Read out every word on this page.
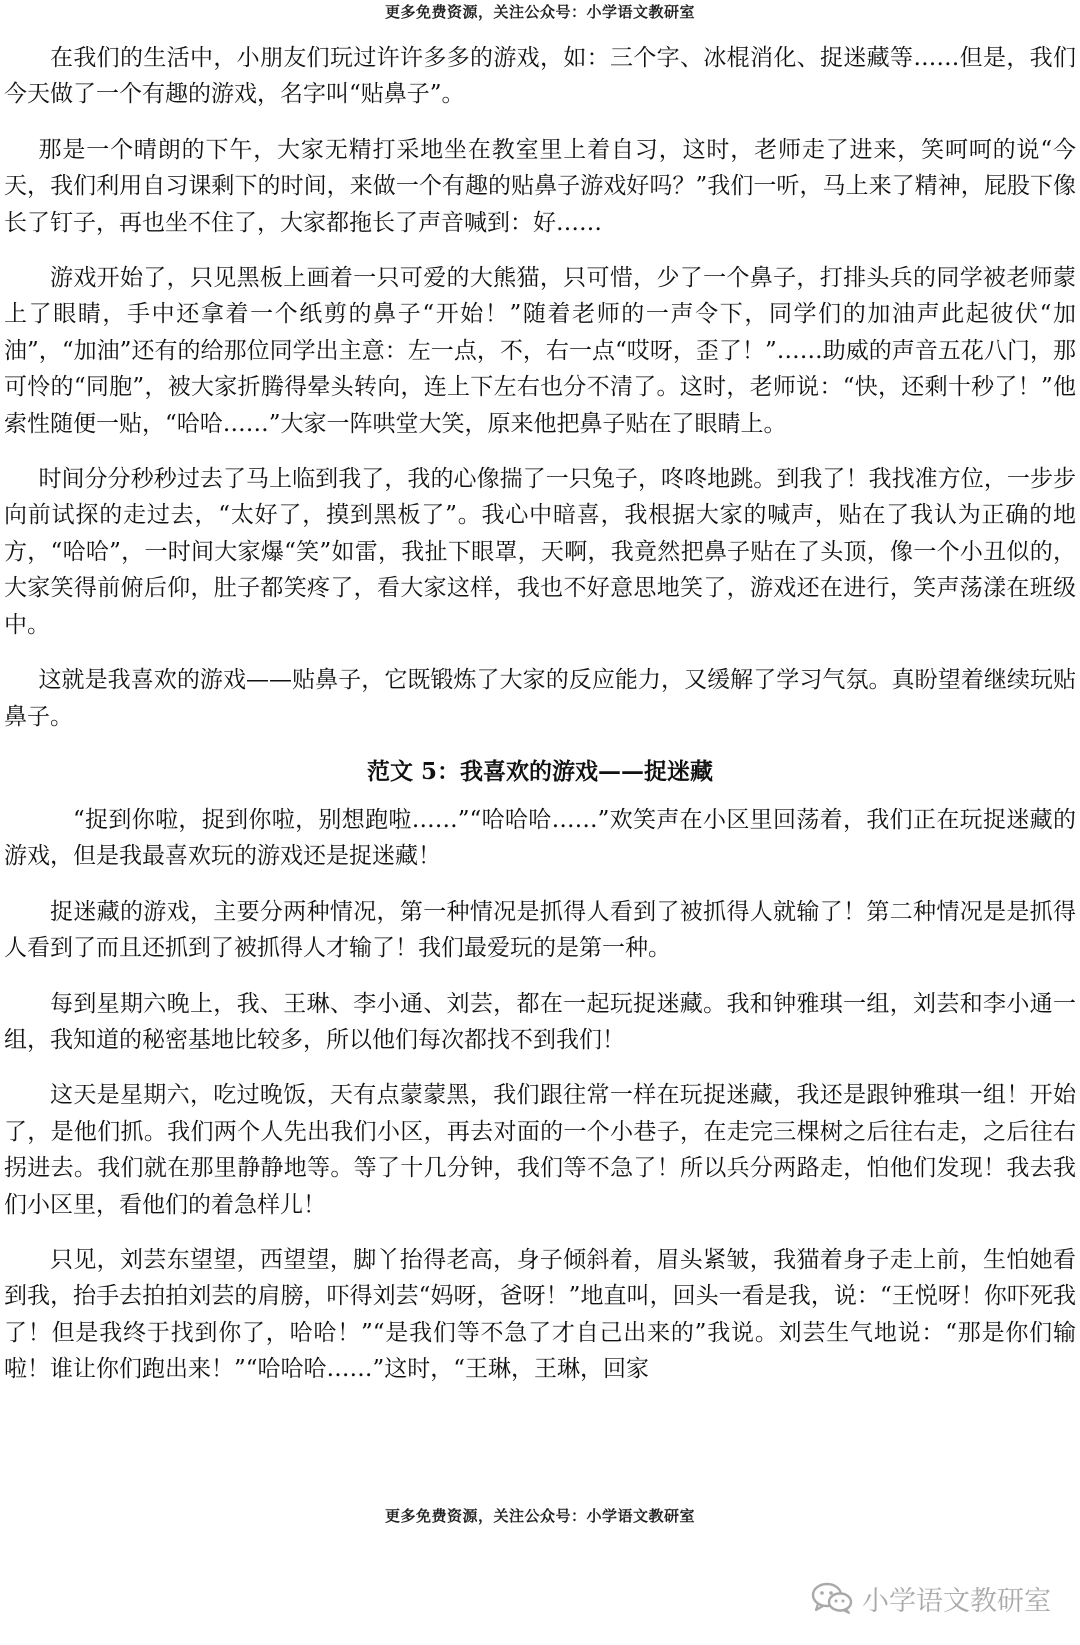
更多免费资源，关注公众号：小学语文教研室

在我们的生活中，小朋友们玩过许许多多的游戏，如：三个字、冰棍消化、捉迷藏等……但是，我们今天做了一个有趣的游戏，名字叫“贴鼻子”。

那是一个晴朗的下午，大家无精打采地坐在教室里上着自习，这时，老师走了进来，笑呵呵的说“今天，我们利用自习课剩下的时间，来做一个有趣的贴鼻子游戏好吗？”我们一听，马上来了精神，屁股下像长了钉子，再也坐不住了，大家都拖长了声音喊到：好……

游戏开始了，只见黑板上画着一只可爱的大熊猫，只可惜，少了一个鼻子，打排头兵的同学被老师蒙上了眼睛，手中还拿着一个纸剪的鼻子“开始！”随着老师的一声令下，同学们的加油声此起彼伏“加油”，“加油”还有的给那位同学出主意：左一点，不，右一点“哎呀，歪了！”……助威的声音五花八门，那可怜的“同胞”，被大家折腾得晕头转向，连上下左右也分不清了。这时，老师说：“快，还剩十秒了！”他索性随便一贴，“哈哈……”大家一阵哄堂大笑，原来他把鼻子贴在了眼睛上。

时间分分秒秒过去了马上临到我了，我的心像揣了一只兔子，咚咚地跳。到我了！我找准方位，一步步向前试探的走过去，“太好了，摸到黑板了”。我心中暗喜，我根据大家的喊声，贴在了我认为正确的地方，“哈哈”，一时间大家爆“笑”如雷，我扯下眼罩，天啊，我竟然把鼻子贴在了头顶，像一个小丑似的，大家笑得前俯后仰，肚子都笑疼了，看大家这样，我也不好意思地笑了，游戏还在进行，笑声荡漾在班级中。

这就是我喜欢的游戏——贴鼻子，它既锻炼了大家的反应能力，又缓解了学习气氛。真盼望着继续玩贴鼻子。

范文 5：我喜欢的游戏——捉迷藏

“捉到你啦，捉到你啦，别想跑啦……”“哈哈哈……”欢笑声在小区里回荡着，我们正在玩捉迷藏的游戏，但是我最喜欢玩的游戏还是捉迷藏！

捉迷藏的游戏，主要分两种情况，第一种情况是抓得人看到了被抓得人就输了！第二种情况是是抓得人看到了而且还抓到了被抓得人才输了！我们最爱玩的是第一种。

每到星期六晚上，我、王琳、李小通、刘芸，都在一起玩捉迷藏。我和钟雅琪一组，刘芸和李小通一组，我知道的秘密基地比较多，所以他们每次都找不到我们！

这天是星期六，吃过晚饭，天有点蒙蒙黑，我们跟往常一样在玩捉迷藏，我还是跟钟雅琪一组！开始了，是他们抓。我们两个人先出我们小区，再去对面的一个小巷子，在走完三棵树之后往右走，之后往右拐进去。我们就在那里静静地等。等了十几分钟，我们等不急了！所以兵分两路走，怕他们发现！我去我们小区里，看他们的着急样儿！

只见，刘芸东望望，西望望，脚丫抬得老高，身子倾斜着，眉头紧皱，我猫着身子走上前，生怕她看到我，抬手去拍拍刘芸的肩膀，吓得刘芸“妈呀，爸呀！”地直叫，回头一看是我，说：“王悦呀！你吓死我了！但是我终于找到你了，哈哈！”“是我们等不急了才自己出来的”我说。刘芸生气地说：“那是你们输啦！谁让你们跑出来！”“哈哈哈……”这时，“王琳，王琳，回家

更多免费资源，关注公众号：小学语文教研室
小学语文教研室
